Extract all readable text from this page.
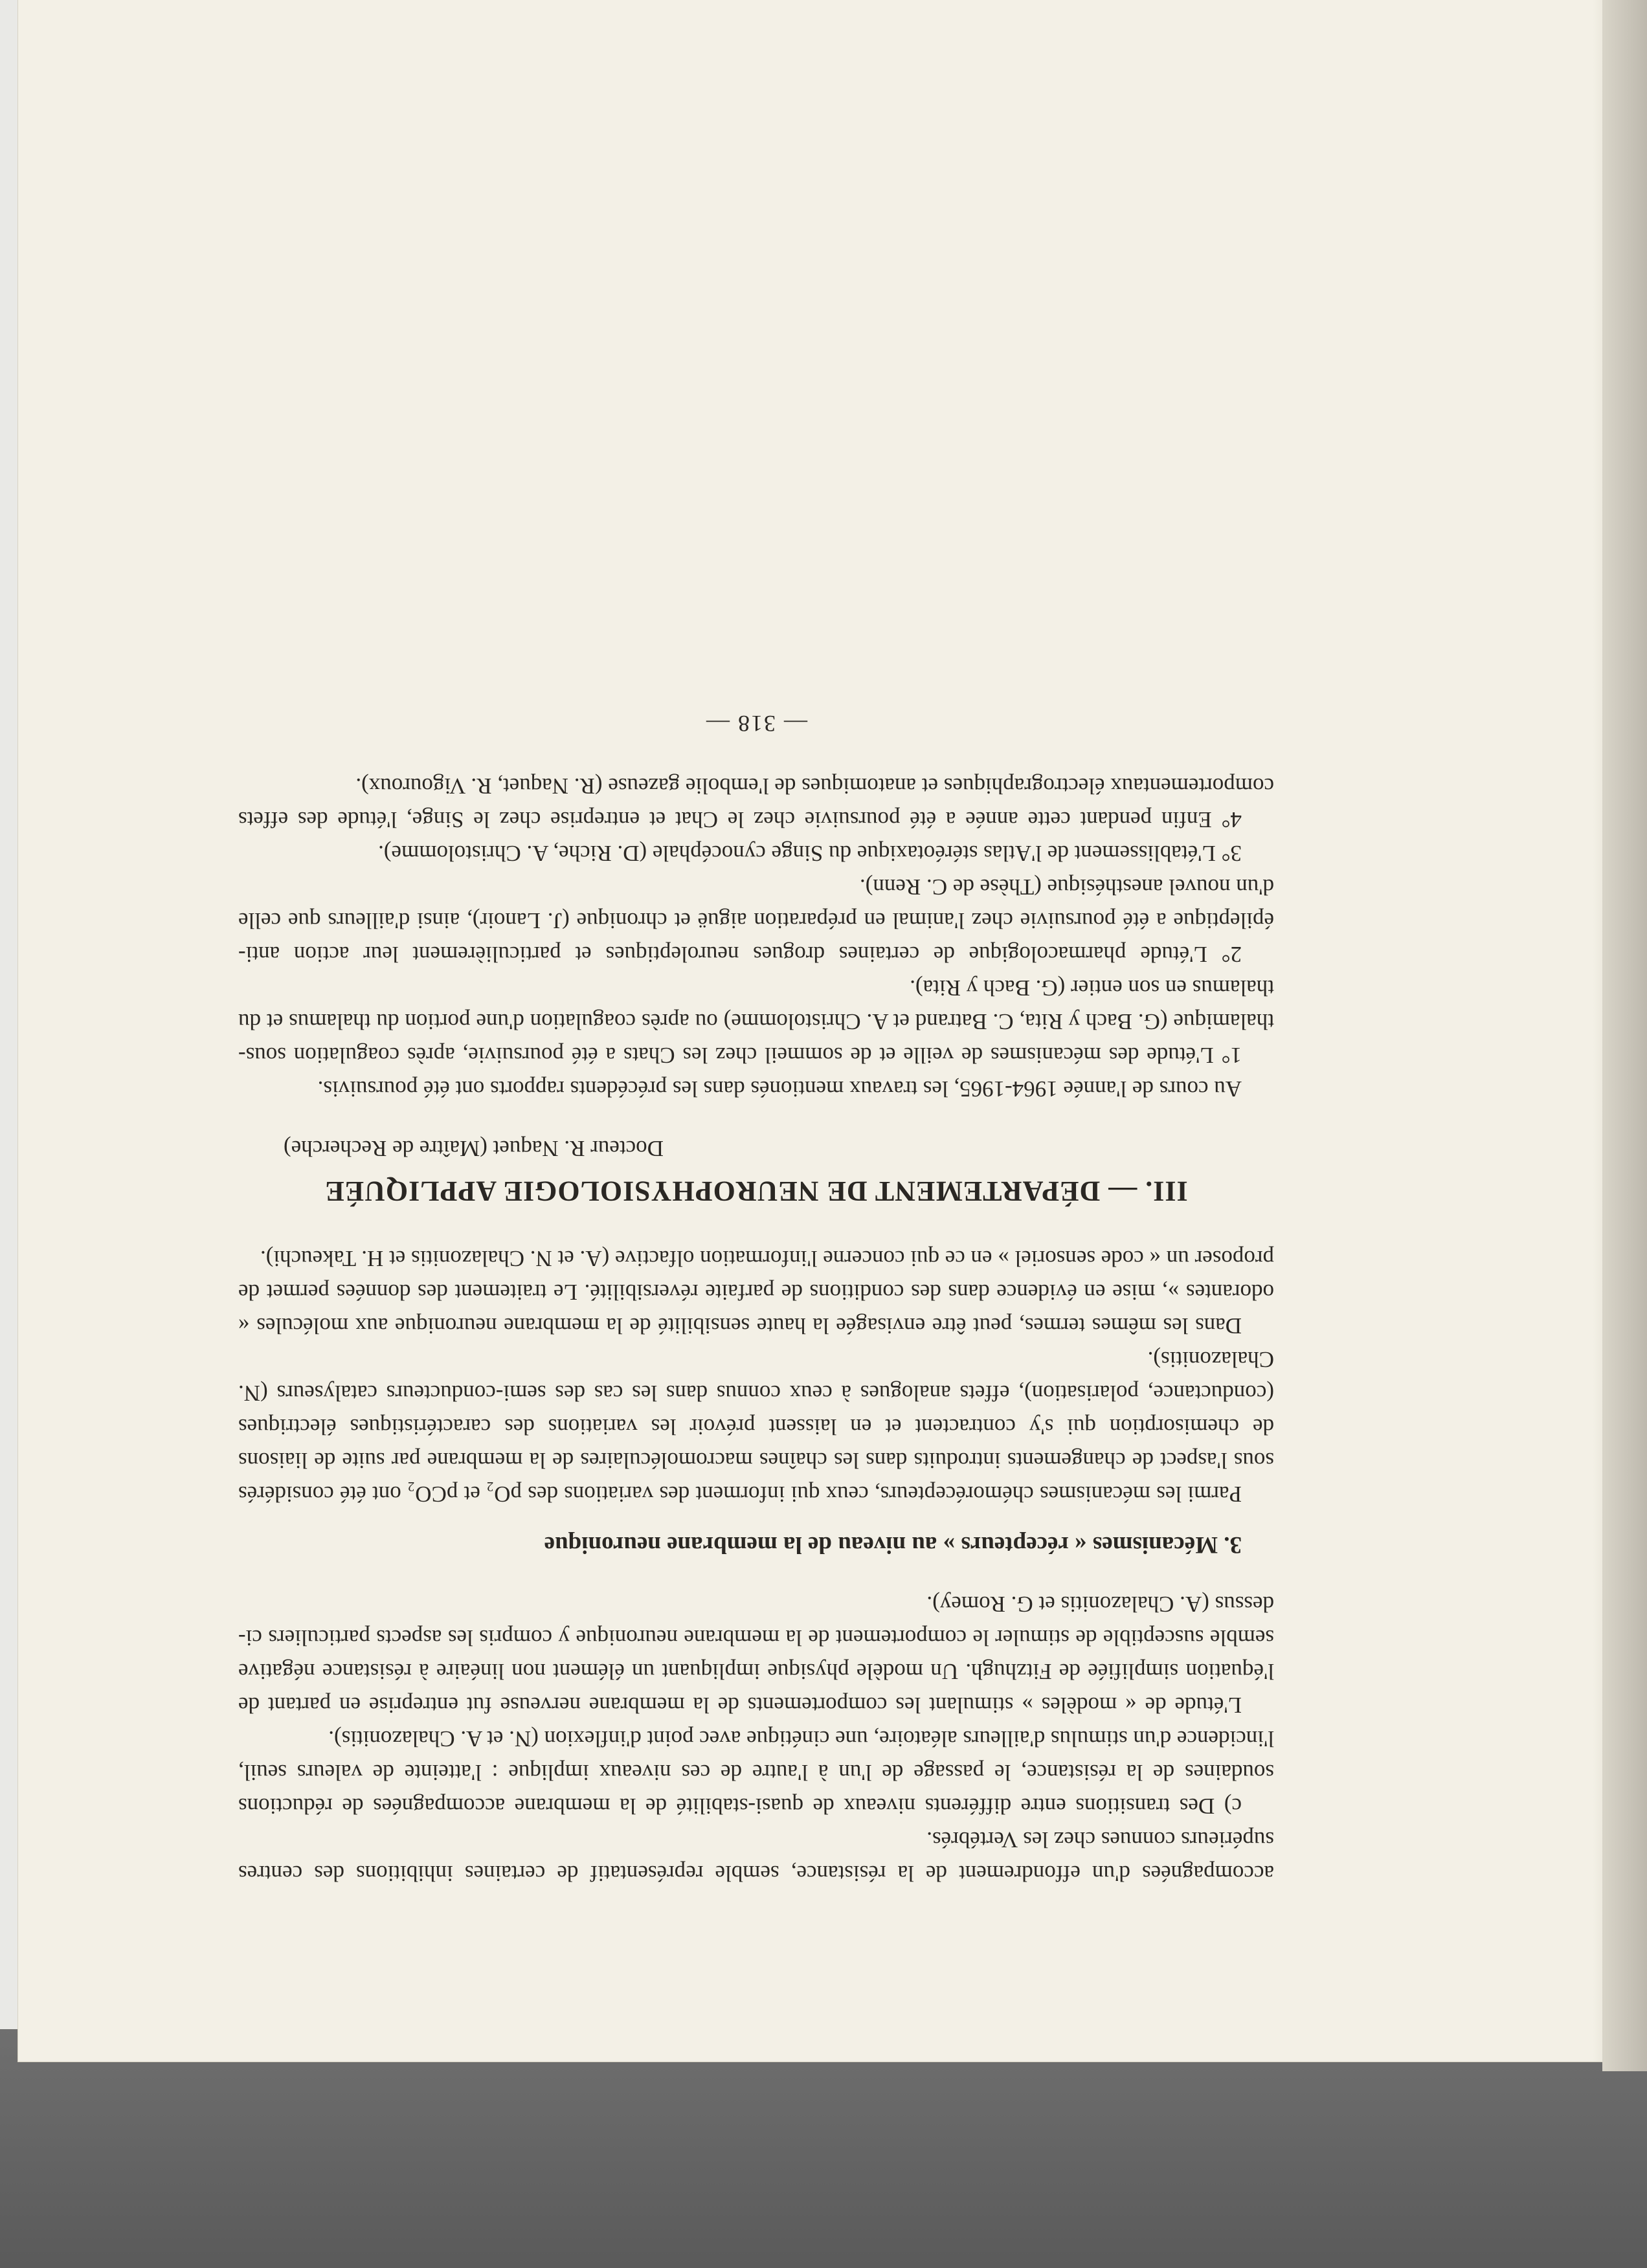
accompagnées d'un effondrement de la résistance, semble représentatif de certaines inhibitions des centres supérieurs connues chez les Vertébrés.

c) Des transitions entre différents niveaux de quasi-stabilité de la membrane accompagnées de réductions soudaines de la résistance, le passage de l'un à l'autre de ces niveaux implique : l'atteinte de valeurs seuil, l'incidence d'un stimulus d'ailleurs aléatoire, une cinétique avec point d'inflexion (N. et A. Chalazonitis).

L'étude de « modèles » stimulant les comportements de la membrane nerveuse fut entreprise en partant de l'équation simplifiée de Fitzhugh. Un modèle physique impliquant un élément non linéaire à résistance négative semble susceptible de stimuler le comportement de la membrane neuronique y compris les aspects particuliers ci-dessus (A. Chalazonitis et G. Romey).

3. Mécanismes « récepteurs » au niveau de la membrane neuronique

Parmi les mécanismes chémorécepteurs, ceux qui informent des variations des pO₂ et pCO₂ ont été considérés sous l'aspect de changements introduits dans les chaînes macromoléculaires de la membrane par suite de liaisons de chemisorption qui s'y contractent et en laissent prévoir les variations des caractéristiques électriques (conductance, polarisation), effets analogues à ceux connus dans les cas des semi-conducteurs catalyseurs (N. Chalazonitis).

Dans les mêmes termes, peut être envisagée la haute sensibilité de la membrane neuronique aux molécules « odorantes », mise en évidence dans des conditions de parfaite réversibilité. Le traitement des données permet de proposer un « code sensoriel » en ce qui concerne l'information olfactive (A. et N. Chalazonitis et H. Takeuchi).

III. — DÉPARTEMENT DE NEUROPHYSIOLOGIE APPLIQUÉE
Docteur R. Naquet (Maître de Recherche)

Au cours de l'année 1964-1965, les travaux mentionés dans les précédents rapports ont été poursuivis.

1° L'étude des mécanismes de veille et de sommeil chez les Chats a été poursuivie, après coagulation sous-thalamique (G. Bach y Rita, C. Batrand et A. Christolomme) ou après coagulation d'une portion du thalamus et du thalamus en son entier (G. Bach y Rita).

2° L'étude pharmacologique de certaines drogues neuroleptiques et particulièrement leur action anti-épileptique a été poursuivie chez l'animal en préparation aiguë et chronique (J. Lanoir), ainsi d'ailleurs que celle d'un nouvel anesthésique (Thèse de C. Renn).

3° L'établissement de l'Atlas stéréotaxique du Singe cynocéphale (D. Riche, A. Christolomme).

4° Enfin pendant cette année a été poursuivie chez le Chat et entreprise chez le Singe, l'étude des effets comportementaux électrographiques et anatomiques de l'embolie gazeuse (R. Naquet, R. Vigouroux).

— 318 —
